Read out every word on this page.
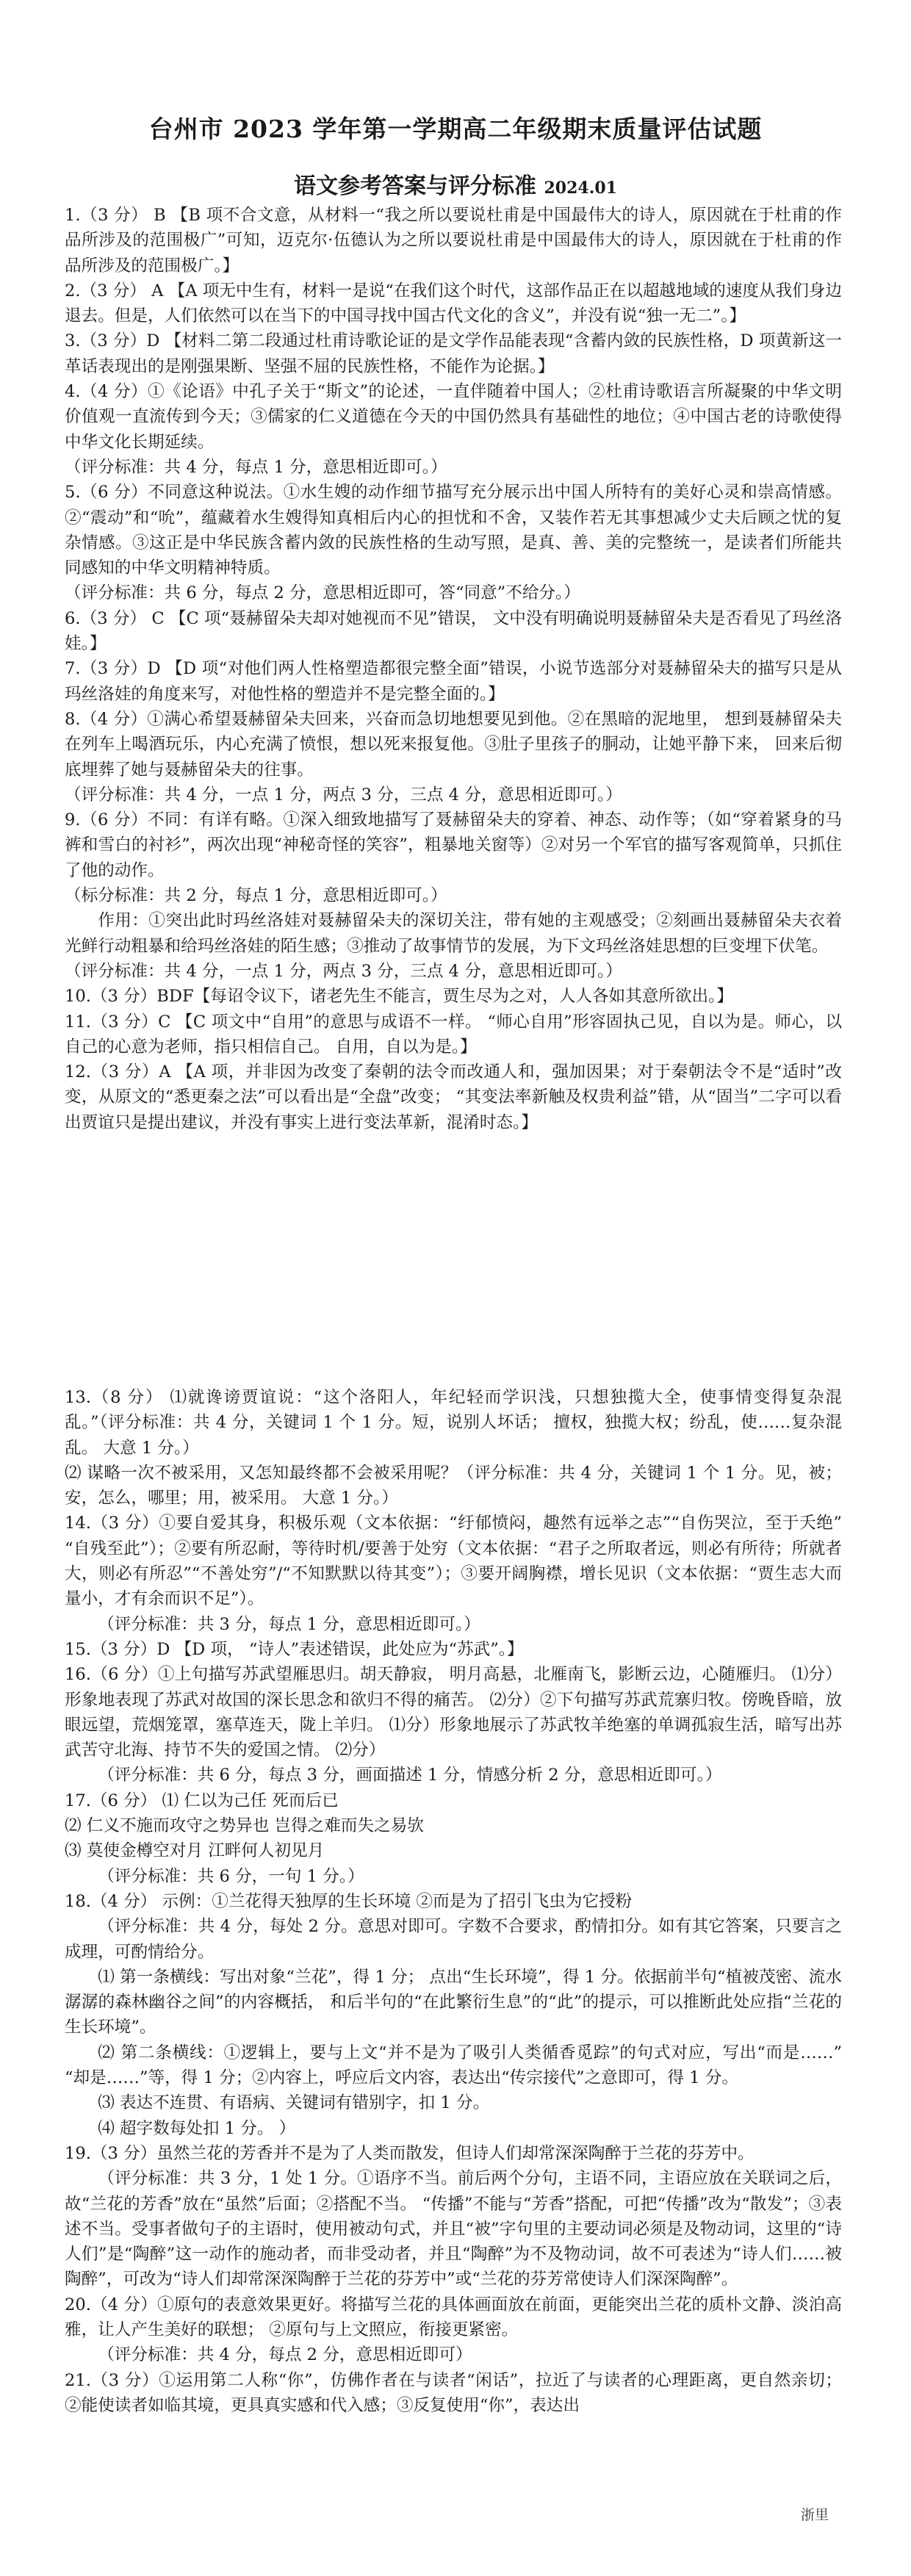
台州市 2023 学年第一学期高二年级期末质量评估试题
语文参考答案与评分标准 2024.01

1.（3 分） B 【B 项不合文意，从材料一“我之所以要说杜甫是中国最伟大的诗人，原因就在于杜甫的作品所涉及的范围极广”可知，迈克尔·伍德认为之所以要说杜甫是中国最伟大的诗人，原因就在于杜甫的作品所涉及的范围极广。】

2.（3 分） A 【A 项无中生有，材料一是说“在我们这个时代，这部作品正在以超越地域的速度从我们身边退去。但是，人们依然可以在当下的中国寻找中国古代文化的含义”，并没有说“独一无二”。】

3.（3 分）D 【材料二第二段通过杜甫诗歌论证的是文学作品能表现“含蓄内敛的民族性格，D 项黄新这一革话表现出的是刚强果断、坚强不屈的民族性格，不能作为论据。】

4.（4 分）①《论语》中孔子关于“斯文”的论述，一直伴随着中国人；②杜甫诗歌语言所凝聚的中华文明价值观一直流传到今天；③儒家的仁义道德在今天的中国仍然具有基础性的地位；④中国古老的诗歌使得中华文化长期延续。

（评分标准：共 4 分，每点 1 分，意思相近即可。）

5.（6 分）不同意这种说法。①水生嫂的动作细节描写充分展示出中国人所特有的美好心灵和崇高情感。②“震动”和“吮”，蕴藏着水生嫂得知真相后内心的担忧和不舍，又装作若无其事想减少丈夫后顾之忧的复杂情感。③这正是中华民族含蓄内敛的民族性格的生动写照，是真、善、美的完整统一，是读者们所能共同感知的中华文明精神特质。

（评分标准：共 6 分，每点 2 分，意思相近即可，答“同意”不给分。）

6.（3 分） C 【C 项“聂赫留朵夫却对她视而不见”错误， 文中没有明确说明聂赫留朵夫是否看见了玛丝洛娃。】

7.（3 分）D 【D 项“对他们两人性格塑造都很完整全面”错误，小说节选部分对聂赫留朵夫的描写只是从玛丝洛娃的角度来写，对他性格的塑造并不是完整全面的。】

8.（4 分）①满心希望聂赫留朵夫回来，兴奋而急切地想要见到他。②在黑暗的泥地里， 想到聂赫留朵夫在列车上喝酒玩乐，内心充满了愤恨，想以死来报复他。③肚子里孩子的胴动，让她平静下来， 回来后彻底埋葬了她与聂赫留朵夫的往事。

（评分标准：共 4 分，一点 1 分，两点 3 分，三点 4 分，意思相近即可。）

9.（6 分）不同：有详有略。①深入细致地描写了聂赫留朵夫的穿着、神态、动作等；（如“穿着紧身的马裤和雪白的衬衫”，两次出现“神秘奇怪的笑容”，粗暴地关窗等）②对另一个军官的描写客观简单，只抓住了他的动作。

（标分标准：共 2 分，每点 1 分，意思相近即可。）

作用：①突出此时玛丝洛娃对聂赫留朵夫的深切关注，带有她的主观感受；②刻画出聂赫留朵夫衣着光鲜行动粗暴和给玛丝洛娃的陌生感；③推动了故事情节的发展，为下文玛丝洛娃思想的巨变埋下伏笔。

（评分标准：共 4 分，一点 1 分，两点 3 分，三点 4 分，意思相近即可。）

10.（3 分）BDF【每诏令议下，诸老先生不能言，贾生尽为之对，人人各如其意所欲出。】

11.（3 分）C 【C 项文中“自用”的意思与成语不一样。 “师心自用”形容固执己见，自以为是。师心，以自己的心意为老师，指只相信自己。 自用，自以为是。】

12.（3 分）A 【A 项，并非因为改变了秦朝的法令而改通人和，强加因果；对于秦朝法令不是“适时”改变，从原文的“悉更秦之法”可以看出是“全盘”改变； “其变法率新触及权贵利益”错，从“固当”二字可以看出贾谊只是提出建议，并没有事实上进行变法革新，混淆时态。】

13.（8 分） ⑴就谗谤贾谊说：“这个洛阳人，年纪轻而学识浅，只想独揽大全，使事情变得复杂混乱。”（评分标准：共 4 分，关键词 1 个 1 分。短，说别人坏话； 擅权，独揽大权；纷乱，使……复杂混乱。 大意 1 分。）

⑵ 谋略一次不被采用，又怎知最终都不会被采用呢？（评分标准：共 4 分，关键词 1 个 1 分。见，被；安，怎么，哪里；用，被采用。 大意 1 分。）

14.（3 分）①要自爱其身，积极乐观（文本依据：“纡郁愤闷，趣然有远举之志”“自伤哭泣，至于夭绝” “自残至此”）；②要有所忍耐，等待时机/要善于处穷（文本依据：“君子之所取者远，则必有所待；所就者大，则必有所忍”“不善处穷”/“不知默默以待其变”）；③要开阔胸襟，增长见识（文本依据：“贾生志大而量小，才有余而识不足”）。

（评分标准：共 3 分，每点 1 分，意思相近即可。）

15.（3 分）D 【D 项， “诗人”表述错误，此处应为“苏武”。】

16.（6 分）①上句描写苏武望雁思归。胡天静寂， 明月高悬，北雁南飞，影断云边，心随雁归。 ⑴分）形象地表现了苏武对故国的深长思念和欲归不得的痛苦。 ⑵分）②下句描写苏武荒寨归牧。傍晚昏暗，放眼远望，荒烟笼罩，塞草连天，陇上羊归。 ⑴分）形象地展示了苏武牧羊绝塞的单调孤寂生活，暗写出苏武苦守北海、持节不失的爱国之情。 ⑵分）

（评分标准：共 6 分，每点 3 分，画面描述 1 分，情感分析 2 分，意思相近即可。）

17.（6 分） ⑴ 仁以为己任 死而后已

⑵ 仁义不施而攻守之势异也 岂得之难而失之易欤

⑶ 莫使金樽空对月 江畔何人初见月

（评分标准：共 6 分，一句 1 分。）

18.（4 分） 示例：①兰花得天独厚的生长环境 ②而是为了招引飞虫为它授粉

（评分标准：共 4 分，每处 2 分。意思对即可。字数不合要求，酌情扣分。如有其它答案，只要言之成理，可酌情给分。

⑴ 第一条横线：写出对象“兰花”，得 1 分； 点出“生长环境”，得 1 分。依据前半句“植被茂密、流水潺潺的森林幽谷之间”的内容概括， 和后半句的“在此繁衍生息”的“此”的提示，可以推断此处应指“兰花的生长环境”。

⑵ 第二条横线：①逻辑上，要与上文“并不是为了吸引人类循香觅踪”的句式对应，写出“而是……” “却是……”等，得 1 分；②内容上，呼应后文内容，表达出“传宗接代”之意即可，得 1 分。

⑶ 表达不连贯、有语病、关键词有错别字，扣 1 分。

⑷ 超字数每处扣 1 分。 ）

19.（3 分）虽然兰花的芳香并不是为了人类而散发，但诗人们却常深深陶醉于兰花的芬芳中。

（评分标准：共 3 分，1 处 1 分。①语序不当。前后两个分句，主语不同，主语应放在关联词之后，故“兰花的芳香”放在“虽然”后面；②搭配不当。 “传播”不能与“芳香”搭配，可把“传播”改为“散发”；③表述不当。受事者做句子的主语时，使用被动句式，并且“被”字句里的主要动词必须是及物动词，这里的“诗人们”是“陶醉”这一动作的施动者，而非受动者，并且“陶醉”为不及物动词，故不可表述为“诗人们……被陶醉”，可改为“诗人们却常深深陶醉于兰花的芬芳中”或“兰花的芬芳常使诗人们深深陶醉”。

20.（4 分）①原句的表意效果更好。将描写兰花的具体画面放在前面，更能突出兰花的质朴文静、淡泊高雅，让人产生美好的联想； ②原句与上文照应，衔接更紧密。

（评分标准：共 4 分，每点 2 分，意思相近即可）

21.（3 分）①运用第二人称“你”，仿佛作者在与读者“闲话”，拉近了与读者的心理距离，更自然亲切； ②能使读者如临其境，更具真实感和代入感；③反复使用“你”，表达出

浙里
